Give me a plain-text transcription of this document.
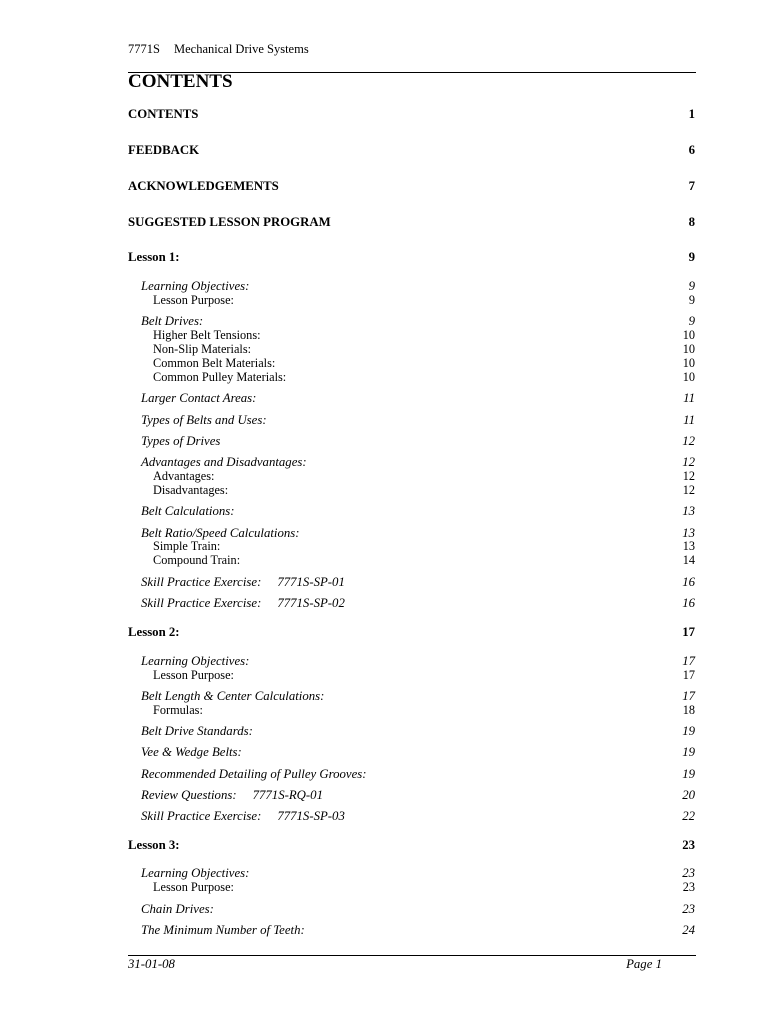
7771S Mechanical Drive Systems
CONTENTS
CONTENTS	1
FEEDBACK	6
ACKNOWLEDGEMENTS	7
SUGGESTED LESSON PROGRAM	8
Lesson 1:	9
Learning Objectives:	9
Lesson Purpose:	9
Belt Drives:	9
Higher Belt Tensions:	10
Non-Slip Materials:	10
Common Belt Materials:	10
Common Pulley Materials:	10
Larger Contact Areas:	11
Types of Belts and Uses:	11
Types of Drives	12
Advantages and Disadvantages:	12
Advantages:	12
Disadvantages:	12
Belt Calculations:	13
Belt Ratio/Speed Calculations:	13
Simple Train:	13
Compound Train:	14
Skill Practice Exercise: 7771S-SP-01	16
Skill Practice Exercise: 7771S-SP-02	16
Lesson 2:	17
Learning Objectives:	17
Lesson Purpose:	17
Belt Length & Center Calculations:	17
Formulas:	18
Belt Drive Standards:	19
Vee & Wedge Belts:	19
Recommended Detailing of Pulley Grooves:	19
Review Questions: 7771S-RQ-01	20
Skill Practice Exercise: 7771S-SP-03	22
Lesson 3:	23
Learning Objectives:	23
Lesson Purpose:	23
Chain Drives:	23
The Minimum Number of Teeth:	24
31-01-08	Page 1
